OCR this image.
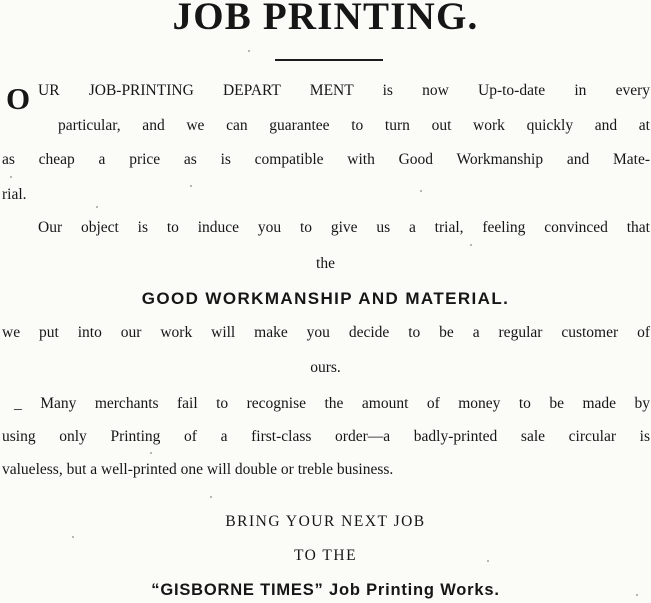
JOB PRINTING.
O UR JOB-PRINTING DEPART MENT is now Up-to-date in every
particular, and we can guarantee to turn out work quickly and at
as cheap a price as is compatible with Good Workmanship and Mate-
rial.
Our object is to induce you to give us a trial, feeling convinced that
the
GOOD WORKMANSHIP AND MATERIAL.
we put into our work will make you decide to be a regular customer of
ours.
_ Many merchants fail to recognise the amount of money to be made by
using only Printing of a first-class order—a badly-printed sale circular is
valueless, but a well-printed one will double or treble business.
BRING YOUR NEXT JOB
TO THE
“GISBORNE TIMES” Job Printing Works.
